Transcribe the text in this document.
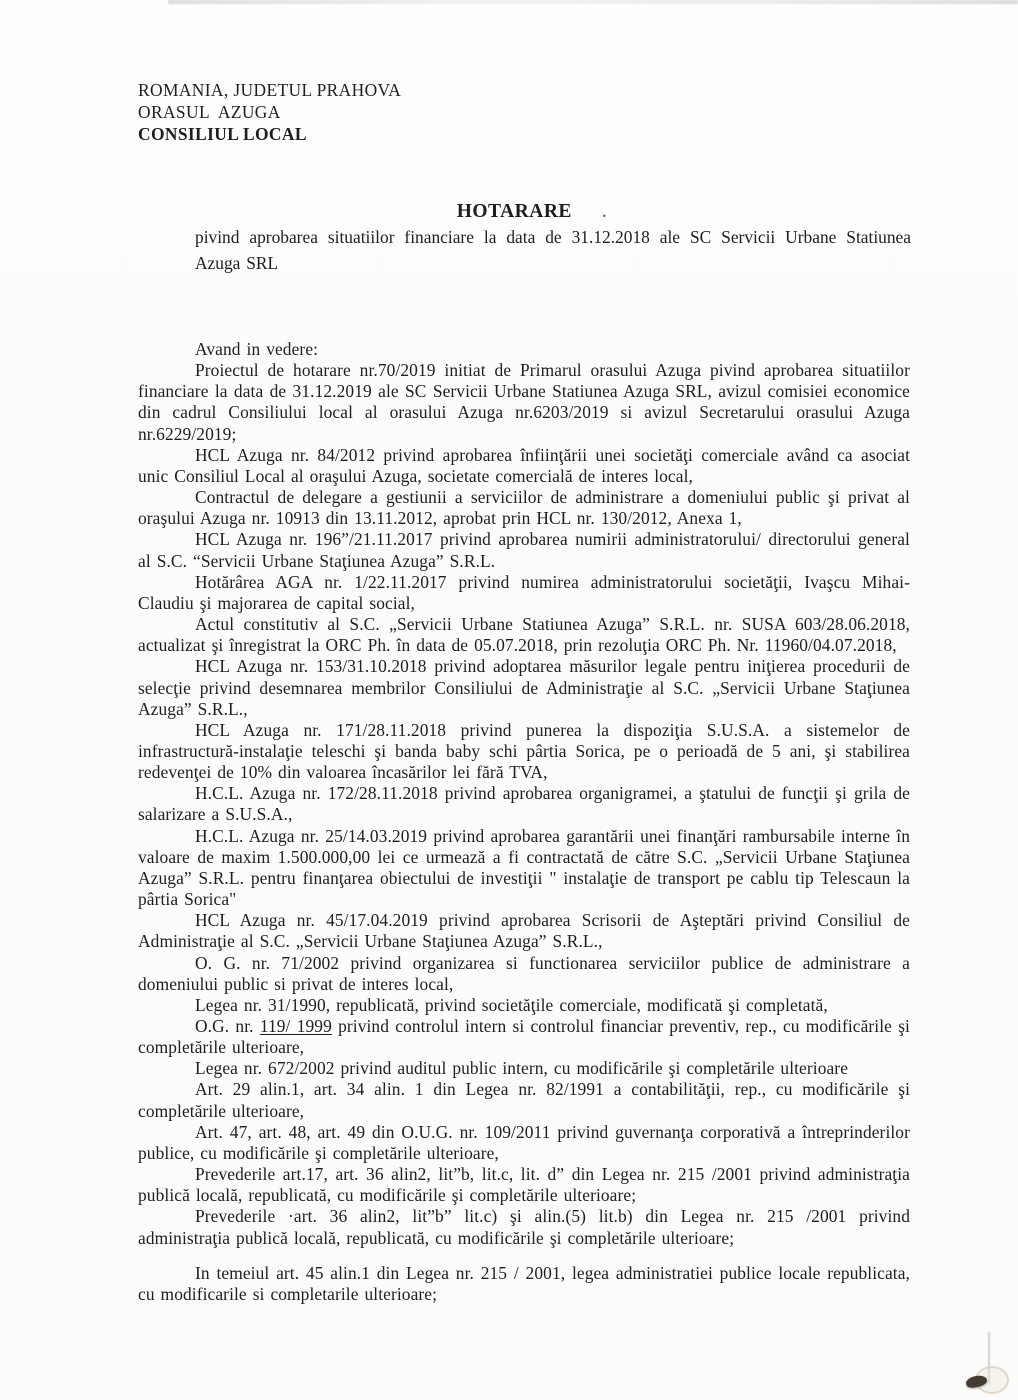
ROMANIA, JUDETUL PRAHOVA
ORASUL  AZUGA
CONSILIUL LOCAL
HOTARARE .

pivind aprobarea situatiilor financiare la data de 31.12.2018 ale SC Servicii Urbane Statiunea Azuga SRL

Avand in vedere:

Proiectul de hotarare nr.70/2019 initiat de Primarul orasului Azuga pivind aprobarea situatiilor financiare la data de 31.12.2019 ale SC Servicii Urbane Statiunea Azuga SRL, avizul comisiei economice din cadrul Consiliului local al orasului Azuga nr.6203/2019 si avizul Secretarului orasului Azuga nr.6229/2019;

HCL Azuga nr. 84/2012 privind aprobarea înfiinţării unei societăţi comerciale având ca asociat unic Consiliul Local al oraşului Azuga, societate comercială de interes local,

Contractul de delegare a gestiunii a serviciilor de administrare a domeniului public şi privat al oraşului Azuga nr. 10913 din 13.11.2012, aprobat prin HCL nr. 130/2012, Anexa 1,

HCL Azuga nr. 196”/21.11.2017 privind aprobarea numirii administratorului/ directorului general al S.C. “Servicii Urbane Staţiunea Azuga” S.R.L.

Hotărârea AGA nr. 1/22.11.2017 privind numirea administratorului societăţii, Ivaşcu Mihai-Claudiu şi majorarea de capital social,

Actul constitutiv al S.C. „Servicii Urbane Statiunea Azuga” S.R.L. nr. SUSA 603/28.06.2018, actualizat şi înregistrat la ORC Ph. în data de 05.07.2018, prin rezoluţia ORC Ph. Nr. 11960/04.07.2018,

HCL Azuga nr. 153/31.10.2018 privind adoptarea măsurilor legale pentru iniţierea procedurii de selecţie privind desemnarea membrilor Consiliului de Administraţie al S.C. „Servicii Urbane Staţiunea Azuga” S.R.L.,

HCL Azuga nr. 171/28.11.2018 privind punerea la dispoziţia S.U.S.A. a sistemelor de infrastructură-instalaţie teleschi şi banda baby schi pârtia Sorica, pe o perioadă de 5 ani, şi stabilirea redevenţei de 10% din valoarea încasărilor lei fără TVA,

H.C.L. Azuga nr. 172/28.11.2018 privind aprobarea organigramei, a ştatului de funcţii şi grila de salarizare a S.U.S.A.,

H.C.L. Azuga nr. 25/14.03.2019 privind aprobarea garantării unei finanţări rambursabile interne în valoare de maxim 1.500.000,00 lei ce urmează a fi contractată de către S.C. „Servicii Urbane Staţiunea Azuga” S.R.L. pentru finanţarea obiectului de investiţii " instalaţie de transport pe cablu tip Telescaun la pârtia Sorica"

HCL Azuga nr. 45/17.04.2019 privind aprobarea Scrisorii de Aşteptări privind Consiliul de Administraţie al S.C. „Servicii Urbane Staţiunea Azuga” S.R.L.,

O. G. nr. 71/2002 privind organizarea si functionarea serviciilor publice de administrare a domeniului public si privat de interes local,

Legea nr. 31/1990, republicată, privind societăţile comerciale, modificată şi completată,

O.G. nr. 119/ 1999 privind controlul intern si controlul financiar preventiv, rep., cu modificările şi completările ulterioare,

Legea nr. 672/2002 privind auditul public intern, cu modificările şi completările ulterioare

Art. 29 alin.1, art. 34 alin. 1 din Legea nr. 82/1991 a contabilităţii, rep., cu modificările şi completările ulterioare,

Art. 47, art. 48, art. 49 din O.U.G. nr. 109/2011 privind guvernanţa corporativă a întreprinderilor publice, cu modificările şi completările ulterioare,

Prevederile art.17, art. 36 alin2, lit”b, lit.c, lit. d” din Legea nr. 215 /2001 privind administraţia publică locală, republicată, cu modificările şi completările ulterioare;

Prevederile ·art. 36 alin2, lit”b” lit.c) şi alin.(5) lit.b) din Legea nr. 215 /2001 privind administraţia publică locală, republicată, cu modificările şi completările ulterioare;

In temeiul art. 45 alin.1 din Legea nr. 215 / 2001, legea administratiei publice locale republicata, cu modificarile si completarile ulterioare;
